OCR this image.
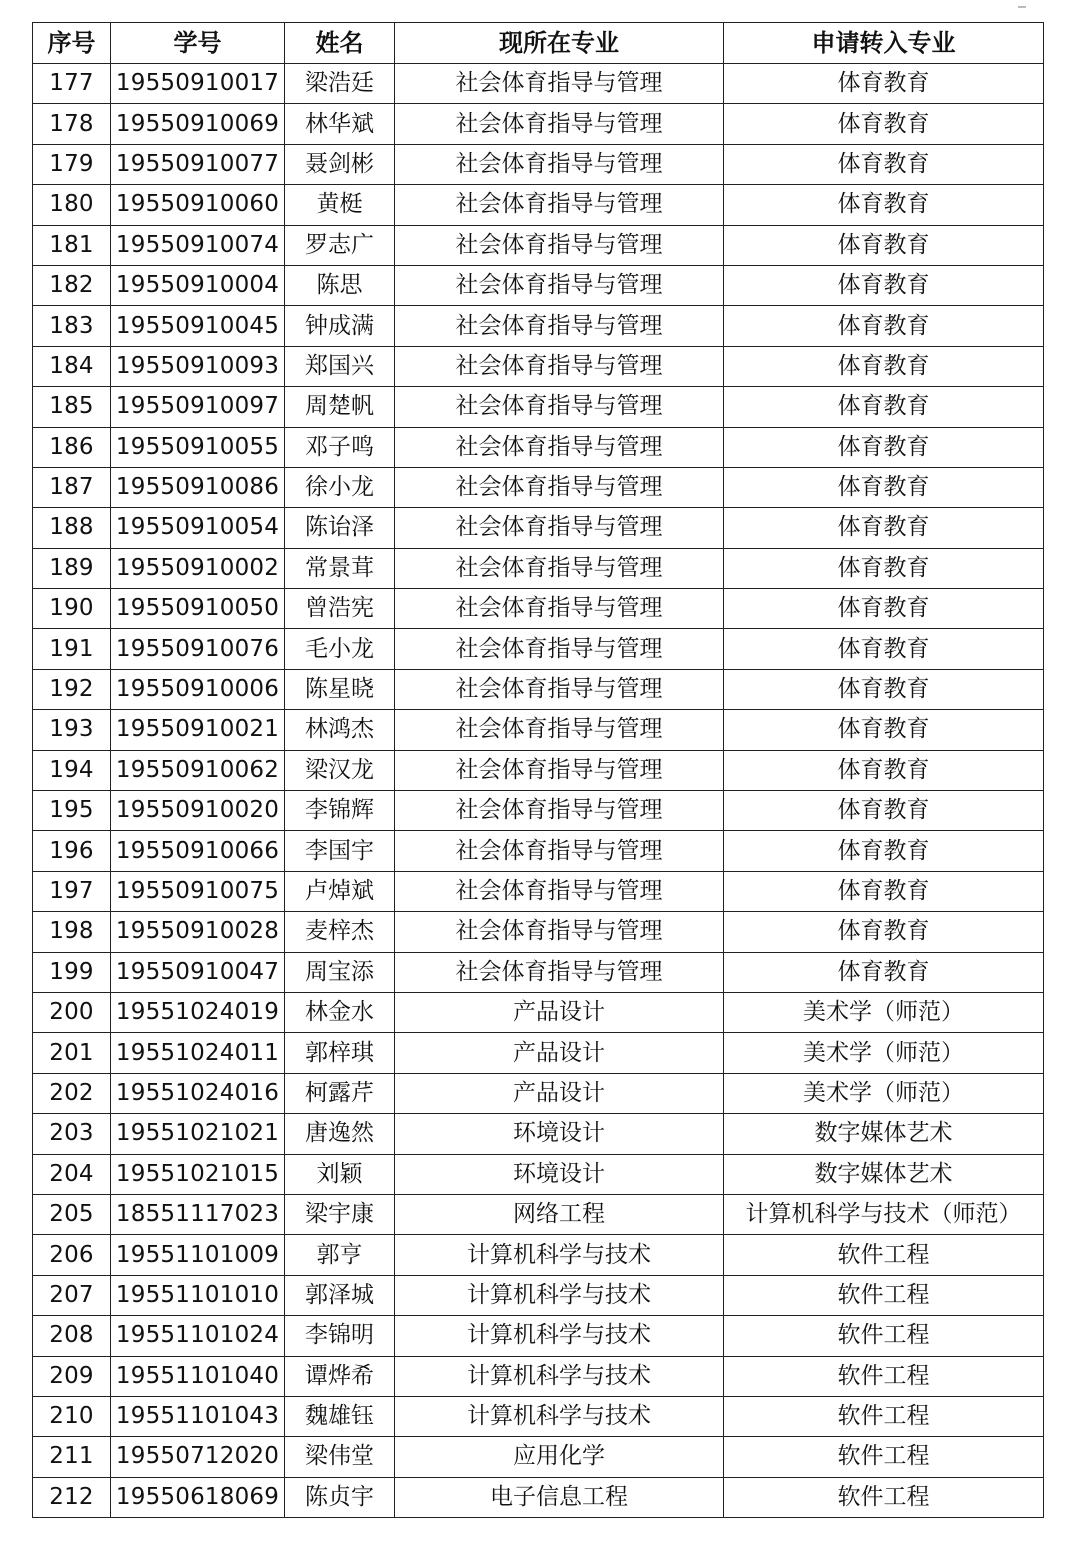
序号	学号	姓名	现所在专业	申请转入专业
177	19550910017	梁浩廷	社会体育指导与管理	体育教育
178	19550910069	林华斌	社会体育指导与管理	体育教育
179	19550910077	聂剑彬	社会体育指导与管理	体育教育
180	19550910060	黄梃	社会体育指导与管理	体育教育
181	19550910074	罗志广	社会体育指导与管理	体育教育
182	19550910004	陈思	社会体育指导与管理	体育教育
183	19550910045	钟成满	社会体育指导与管理	体育教育
184	19550910093	郑国兴	社会体育指导与管理	体育教育
185	19550910097	周楚帆	社会体育指导与管理	体育教育
186	19550910055	邓子鸣	社会体育指导与管理	体育教育
187	19550910086	徐小龙	社会体育指导与管理	体育教育
188	19550910054	陈诒泽	社会体育指导与管理	体育教育
189	19550910002	常景茸	社会体育指导与管理	体育教育
190	19550910050	曾浩宪	社会体育指导与管理	体育教育
191	19550910076	毛小龙	社会体育指导与管理	体育教育
192	19550910006	陈星晓	社会体育指导与管理	体育教育
193	19550910021	林鸿杰	社会体育指导与管理	体育教育
194	19550910062	梁汉龙	社会体育指导与管理	体育教育
195	19550910020	李锦辉	社会体育指导与管理	体育教育
196	19550910066	李国宇	社会体育指导与管理	体育教育
197	19550910075	卢焯斌	社会体育指导与管理	体育教育
198	19550910028	麦梓杰	社会体育指导与管理	体育教育
199	19550910047	周宝添	社会体育指导与管理	体育教育
200	19551024019	林金水	产品设计	美术学（师范）
201	19551024011	郭梓琪	产品设计	美术学（师范）
202	19551024016	柯露芹	产品设计	美术学（师范）
203	19551021021	唐逸然	环境设计	数字媒体艺术
204	19551021015	刘颖	环境设计	数字媒体艺术
205	18551117023	梁宇康	网络工程	计算机科学与技术（师范）
206	19551101009	郭亨	计算机科学与技术	软件工程
207	19551101010	郭泽城	计算机科学与技术	软件工程
208	19551101024	李锦明	计算机科学与技术	软件工程
209	19551101040	谭烨希	计算机科学与技术	软件工程
210	19551101043	魏雄钰	计算机科学与技术	软件工程
211	19550712020	梁伟堂	应用化学	软件工程
212	19550618069	陈贞宇	电子信息工程	软件工程
